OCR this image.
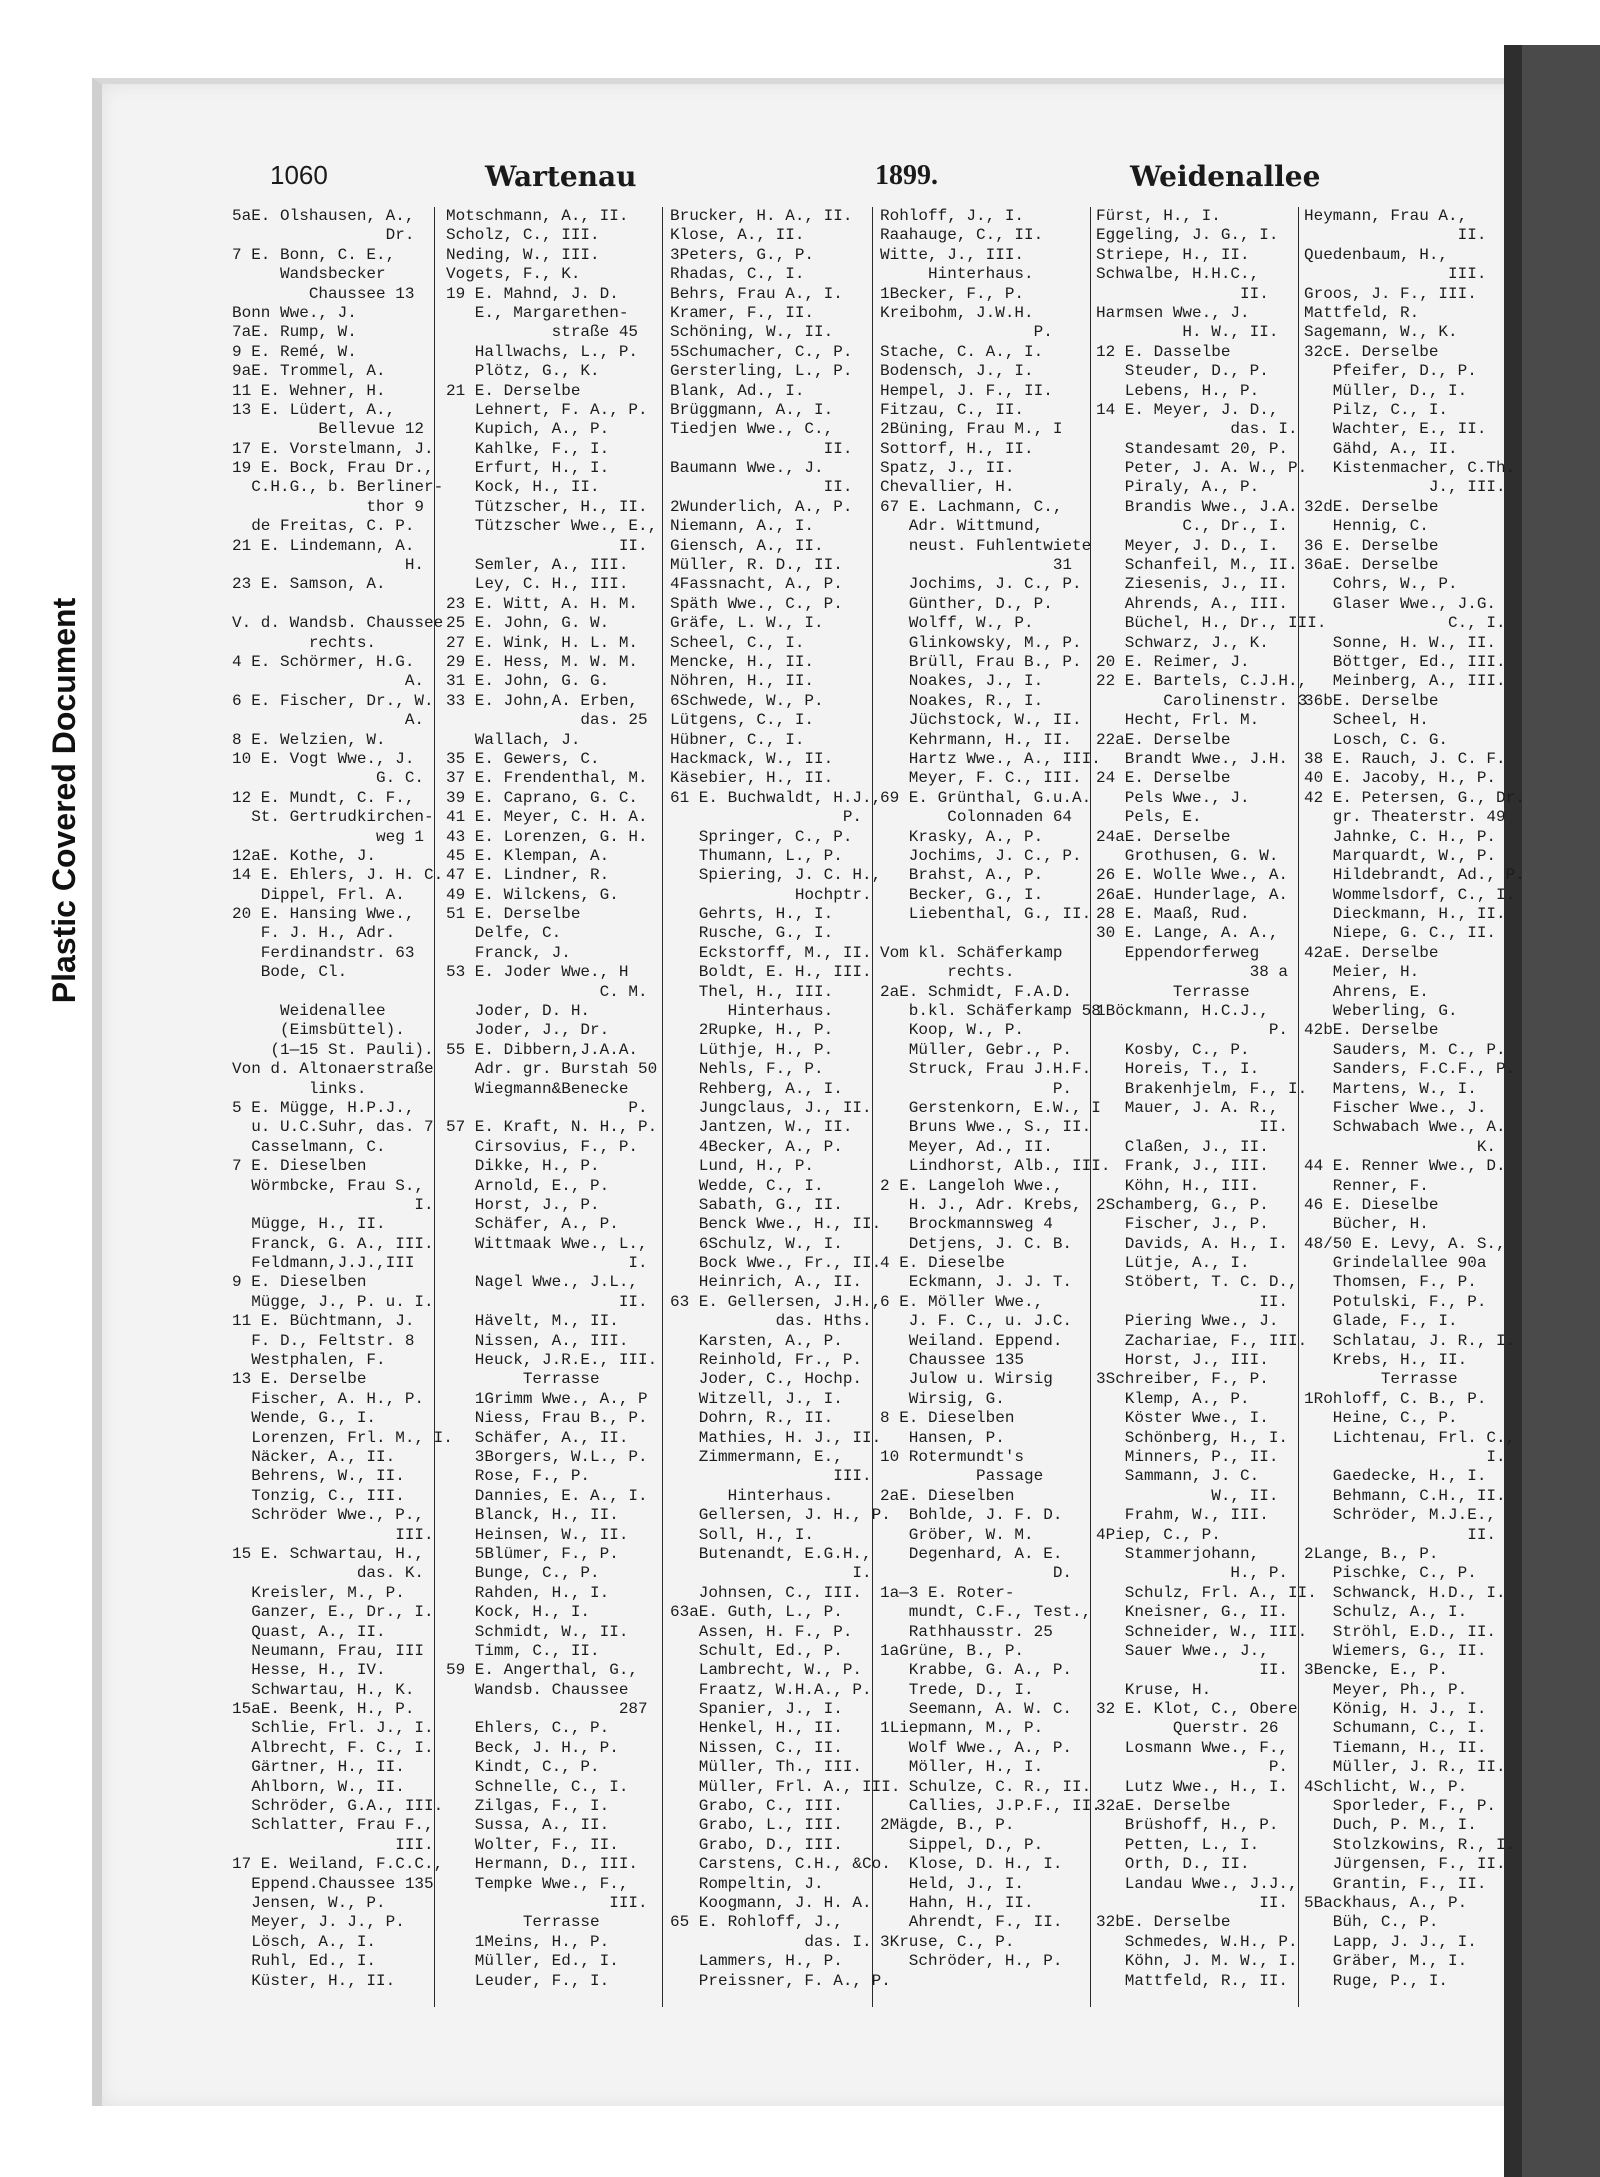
Plastic Covered Document
1060	Wartenau	1899.	Weidenallee
5aE. Olshausen, A.,
Dr.
7 E. Bonn, C. E.,
Wandsbecker
Chaussee 13
Bonn Wwe., J.
7aE. Rump, W.
9 E. Remé, W.
9aE. Trommel, A.
11 E. Wehner, H.
13 E. Lüdert, A.,
Bellevue 12
17 E. Vorstelmann, J.
19 E. Bock, Frau Dr.,
C.H.G., b. Berliner-
thor 9
de Freitas, C. P.
21 E. Lindemann, A.
H.
23 E. Samson, A.
V. d. Wandsb. Chaussee
rechts.
4 E. Schörmer, H.G.
A.
6 E. Fischer, Dr., W.
A.
8 E. Welzien, W.
10 E. Vogt Wwe., J.
G. C.
12 E. Mundt, C. F.,
St. Gertrudkirchen-
weg 1
12aE. Kothe, J.
14 E. Ehlers, J. H. C.
Dippel, Frl. A.
20 E. Hansing Wwe.,
F. J. H., Adr.
Ferdinandstr. 63
Bode, Cl.
Weidenallee
(Eimsbüttel).
(1—15 St. Pauli).
Von d. Altonaerstraße
links.
5 E. Mügge, H.P.J.,
u. U.C.Suhr, das. 7
Casselmann, C.
7 E. Dieselben
Wörmbcke, Frau S.,
I.
Mügge, H., II.
Franck, G. A., III.
Feldmann,J.J.,III
9 E. Dieselben
Mügge, J., P. u. I.
11 E. Büchtmann, J.
F. D., Feltstr. 8
Westphalen, F.
13 E. Derselbe
Fischer, A. H., P.
Wende, G., I.
Lorenzen, Frl. M., I.
Näcker, A., II.
Behrens, W., II.
Tonzig, C., III.
Schröder Wwe., P.,
III.
15 E. Schwartau, H.,
das. K.
Kreisler, M., P.
Ganzer, E., Dr., I.
Quast, A., II.
Neumann, Frau, III
Hesse, H., IV.
Schwartau, H., K.
15aE. Beenk, H., P.
Schlie, Frl. J., I.
Albrecht, F. C., I.
Gärtner, H., II.
Ahlborn, W., II.
Schröder, G.A., III.
Schlatter, Frau F.,
III.
17 E. Weiland, F.C.C.,
Eppend.Chaussee 135
Jensen, W., P.
Meyer, J. J., P.
Lösch, A., I.
Ruhl, Ed., I.
Küster, H., II.
Motschmann, A., II.
Scholz, C., III.
Neding, W., III.
Vogets, F., K.
19 E. Mahnd, J. D.
E., Margarethen-
straße 45
Hallwachs, L., P.
Plötz, G., K.
21 E. Derselbe
Lehnert, F. A., P.
Kupich, A., P.
Kahlke, F., I.
Erfurt, H., I.
Kock, H., II.
Tützscher, H., II.
Tützscher Wwe., E.,
II.
Semler, A., III.
Ley, C. H., III.
23 E. Witt, A. H. M.
25 E. John, G. W.
27 E. Wink, H. L. M.
29 E. Hess, M. W. M.
31 E. John, G. G.
33 E. John,A. Erben,
das. 25
Wallach, J.
35 E. Gewers, C.
37 E. Frendenthal, M.
39 E. Caprano, G. C.
41 E. Meyer, C. H. A.
43 E. Lorenzen, G. H.
45 E. Klempan, A.
47 E. Lindner, R.
49 E. Wilckens, G.
51 E. Derselbe
Delfe, C.
Franck, J.
53 E. Joder Wwe., H
C. M.
Joder, D. H.
Joder, J., Dr.
55 E. Dibbern,J.A.A.
Adr. gr. Burstah 50
Wiegmann&Benecke
P.
57 E. Kraft, N. H., P.
Cirsovius, F., P.
Dikke, H., P.
Arnold, E., P.
Horst, J., P.
Schäfer, A., P.
Wittmaak Wwe., L.,
I.
Nagel Wwe., J.L.,
II.
Hävelt, M., II.
Nissen, A., III.
Heuck, J.R.E., III.
Terrasse
1Grimm Wwe., A., P
Niess, Frau B., P.
Schäfer, A., II.
3Borgers, W.L., P.
Rose, F., P.
Dannies, E. A., I.
Blanck, H., II.
Heinsen, W., II.
5Blümer, F., P.
Bunge, C., P.
Rahden, H., I.
Kock, H., I.
Schmidt, W., II.
Timm, C., II.
59 E. Angerthal, G.,
Wandsb. Chaussee
287
Ehlers, C., P.
Beck, J. H., P.
Kindt, C., P.
Schnelle, C., I.
Zilgas, F., I.
Sussa, A., II.
Wolter, F., II.
Hermann, D., III.
Tempke Wwe., F.,
III.
Terrasse
1Meins, H., P.
Müller, Ed., I.
Leuder, F., I.
Brucker, H. A., II.
Klose, A., II.
3Peters, G., P.
Rhadas, C., I.
Behrs, Frau A., I.
Kramer, F., II.
Schöning, W., II.
5Schumacher, C., P.
Gersterling, L., P.
Blank, Ad., I.
Brüggmann, A., I.
Tiedjen Wwe., C.,
II.
Baumann Wwe., J.
II.
2Wunderlich, A., P.
Niemann, A., I.
Giensch, A., II.
Müller, R. D., II.
4Fassnacht, A., P.
Späth Wwe., C., P.
Gräfe, L. W., I.
Scheel, C., I.
Mencke, H., II.
Nöhren, H., II.
6Schwede, W., P.
Lütgens, C., I.
Hübner, C., I.
Hackmack, W., II.
Käsebier, H., II.
61 E. Buchwaldt, H.J.,
P.
Springer, C., P.
Thumann, L., P.
Spiering, J. C. H.,
Hochptr.
Gehrts, H., I.
Rusche, G., I.
Eckstorff, M., II.
Boldt, E. H., III.
Thel, H., III.
Hinterhaus.
2Rupke, H., P.
Lüthje, H., P.
Nehls, F., P.
Rehberg, A., I.
Jungclaus, J., II.
Jantzen, W., II.
4Becker, A., P.
Lund, H., P.
Wedde, C., I.
Sabath, G., II.
Benck Wwe., H., II.
6Schulz, W., I.
Bock Wwe., Fr., II.
Heinrich, A., II.
63 E. Gellersen, J.H.,
das. Hths.
Karsten, A., P.
Reinhold, Fr., P.
Joder, C., Hochp.
Witzell, J., I.
Dohrn, R., II.
Mathies, H. J., II.
Zimmermann, E.,
III.
Hinterhaus.
Gellersen, J. H., P.
Soll, H., I.
Butenandt, E.G.H.,
I.
Johnsen, C., III.
63aE. Guth, L., P.
Assen, H. F., P.
Schult, Ed., P.
Lambrecht, W., P.
Fraatz, W.H.A., P.
Spanier, J., I.
Henkel, H., II.
Nissen, C., II.
Müller, Th., III.
Müller, Frl. A., III.
Grabo, C., III.
Grabo, L., III.
Grabo, D., III.
Carstens, C.H., &Co.
Rompeltin, J.
Koogmann, J. H. A.
65 E. Rohloff, J.,
das. I.
Lammers, H., P.
Preissner, F. A., P.
Rohloff, J., I.
Raahauge, C., II.
Witte, J., III.
Hinterhaus.
1Becker, F., P.
Kreibohm, J.W.H.
P.
Stache, C. A., I.
Bodensch, J., I.
Hempel, J. F., II.
Fitzau, C., II.
2Büning, Frau M., I
Sottorf, H., II.
Spatz, J., II.
Chevallier, H.
67 E. Lachmann, C.,
Adr. Wittmund,
neust. Fuhlentwiete
31
Jochims, J. C., P.
Günther, D., P.
Wolff, W., P.
Glinkowsky, M., P.
Brüll, Frau B., P.
Noakes, J., I.
Noakes, R., I.
Jüchstock, W., II.
Kehrmann, H., II.
Hartz Wwe., A., III.
Meyer, F. C., III.
69 E. Grünthal, G.u.A.
Colonnaden 64
Krasky, A., P.
Jochims, J. C., P.
Brahst, A., P.
Becker, G., I.
Liebenthal, G., II.
Vom kl. Schäferkamp
rechts.
2aE. Schmidt, F.A.D.
b.kl. Schäferkamp 58
Koop, W., P.
Müller, Gebr., P.
Struck, Frau J.H.F.
P.
Gerstenkorn, E.W., I
Bruns Wwe., S., II.
Meyer, Ad., II.
Lindhorst, Alb., III.
2 E. Langeloh Wwe.,
H. J., Adr. Krebs,
Brockmannsweg 4
Detjens, J. C. B.
4 E. Dieselbe
Eckmann, J. J. T.
6 E. Möller Wwe.,
J. F. C., u. J.C.
Weiland. Eppend.
Chaussee 135
Julow u. Wirsig
Wirsig, G.
8 E. Dieselben
Hansen, P.
10 Rotermundt's
Passage
2aE. Dieselben
Bohlde, J. F. D.
Gröber, W. M.
Degenhard, A. E.
D.
1a—3 E. Roter-
mundt, C.F., Test.,
Rathhausstr. 25
1aGrüne, B., P.
Krabbe, G. A., P.
Trede, D., I.
Seemann, A. W. C.
1Liepmann, M., P.
Wolf Wwe., A., P.
Möller, H., I.
Schulze, C. R., II.
Callies, J.P.F., II.
2Mägde, B., P.
Sippel, D., P.
Klose, D. H., I.
Held, J., I.
Hahn, H., II.
Ahrendt, F., II.
3Kruse, C., P.
Schröder, H., P.
Fürst, H., I.
Eggeling, J. G., I.
Striepe, H., II.
Schwalbe, H.H.C.,
II.
Harmsen Wwe., J.
H. W., II.
12 E. Dasselbe
Steuder, D., P.
Lebens, H., P.
14 E. Meyer, J. D.,
das. I.
Standesamt 20, P.
Peter, J. A. W., P.
Piraly, A., P.
Brandis Wwe., J.A.
C., Dr., I.
Meyer, J. D., I.
Schanfeil, M., II.
Ziesenis, J., II.
Ahrends, A., III.
Büchel, H., Dr., III.
Schwarz, J., K.
20 E. Reimer, J.
22 E. Bartels, C.J.H.,
Carolinenstr. 3
Hecht, Frl. M.
22aE. Derselbe
Brandt Wwe., J.H.
24 E. Derselbe
Pels Wwe., J.
Pels, E.
24aE. Derselbe
Grothusen, G. W.
26 E. Wolle Wwe., A.
26aE. Hunderlage, A.
28 E. Maaß, Rud.
30 E. Lange, A. A.,
Eppendorferweg
38 a
Terrasse
1Böckmann, H.C.J.,
P.
Kosby, C., P.
Horeis, T., I.
Brakenhjelm, F., I.
Mauer, J. A. R.,
II.
Claßen, J., II.
Frank, J., III.
Köhn, H., III.
2Schamberg, G., P.
Fischer, J., P.
Davids, A. H., I.
Lütje, A., I.
Stöbert, T. C. D.,
II.
Piering Wwe., J.
Zachariae, F., III.
Horst, J., III.
3Schreiber, F., P.
Klemp, A., P.
Köster Wwe., I.
Schönberg, H., I.
Minners, P., II.
Sammann, J. C.
W., II.
Frahm, W., III.
4Piep, C., P.
Stammerjohann,
H., P.
Schulz, Frl. A., II.
Kneisner, G., II.
Schneider, W., III.
Sauer Wwe., J.,
II.
Kruse, H.
32 E. Klot, C., Obere
Querstr. 26
Losmann Wwe., F.,
P.
Lutz Wwe., H., I.
32aE. Derselbe
Brüshoff, H., P.
Petten, L., I.
Orth, D., II.
Landau Wwe., J.J.,
II.
32bE. Derselbe
Schmedes, W.H., P.
Köhn, J. M. W., I.
Mattfeld, R., II.
Heymann, Frau A.,
II.
Quedenbaum, H.,
III.
Groos, J. F., III.
Mattfeld, R.
Sagemann, W., K.
32cE. Derselbe
Pfeifer, D., P.
Müller, D., I.
Pilz, C., I.
Wachter, E., II.
Gähd, A., II.
Kistenmacher, C.Th.
J., III.
32dE. Derselbe
Hennig, C.
36 E. Derselbe
36aE. Derselbe
Cohrs, W., P.
Glaser Wwe., J.G.
C., I.
Sonne, H. W., II.
Böttger, Ed., III.
Meinberg, A., III.
36bE. Derselbe
Scheel, H.
Losch, C. G.
38 E. Rauch, J. C. F.
40 E. Jacoby, H., P.
42 E. Petersen, G., Dr.
gr. Theaterstr. 49
Jahnke, C. H., P.
Marquardt, W., P.
Hildebrandt, Ad., P.
Wommelsdorf, C., I.
Dieckmann, H., II.
Niepe, G. C., II.
42aE. Derselbe
Meier, H.
Ahrens, E.
Weberling, G.
42bE. Derselbe
Sauders, M. C., P.
Sanders, F.C.F., P.
Martens, W., I.
Fischer Wwe., J.
Schwabach Wwe., A.
K.
44 E. Renner Wwe., D.
Renner, F.
46 E. Dieselbe
Bücher, H.
48/50 E. Levy, A. S.,
Grindelallee 90a
Thomsen, F., P.
Potulski, F., P.
Glade, F., I.
Schlatau, J. R., I.
Krebs, H., II.
Terrasse
1Rohloff, C. B., P.
Heine, C., P.
Lichtenau, Frl. C.,
I.
Gaedecke, H., I.
Behmann, C.H., II.
Schröder, M.J.E.,
II.
2Lange, B., P.
Pischke, C., P.
Schwanck, H.D., I.
Schulz, A., I.
Ströhl, E.D., II.
Wiemers, G., II.
3Bencke, E., P.
Meyer, Ph., P.
König, H. J., I.
Schumann, C., I.
Tiemann, H., II.
Müller, J. R., II.
4Schlicht, W., P.
Sporleder, F., P.
Duch, P. M., I.
Stolzkowins, R., I.
Jürgensen, F., II.
Grantin, F., II.
5Backhaus, A., P.
Büh, C., P.
Lapp, J. J., I.
Gräber, M., I.
Ruge, P., I.
